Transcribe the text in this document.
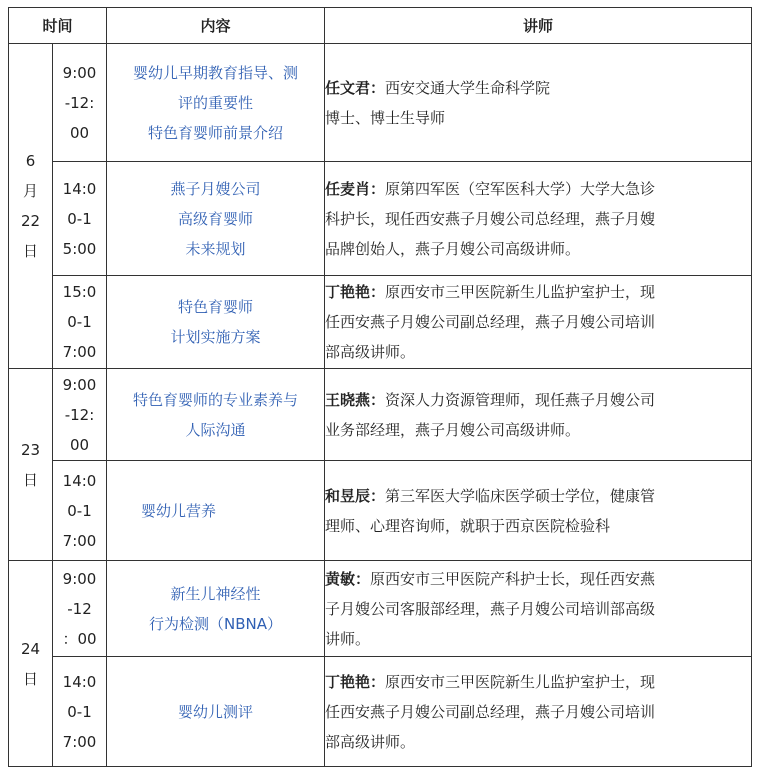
时间		内容	讲师

6
月
22
日	9:00
-12:
00	婴幼儿早期教育指导、测
评的重要性
特色育婴师前景介绍	任文君：西安交通大学生命科学院
博士、博士生导师

	14:0
0-1
5:00	燕子月嫂公司
高级育婴师
未来规划	任麦肖：原第四军医（空军医科大学）大学大急诊
科护长，现任西安燕子月嫂公司总经理，燕子月嫂
品牌创始人，燕子月嫂公司高级讲师。

	15:0
0-1
7:00	特色育婴师
计划实施方案	丁艳艳：原西安市三甲医院新生儿监护室护士，现
任西安燕子月嫂公司副总经理，燕子月嫂公司培训
部高级讲师。

23
日	9:00
-12:
00	特色育婴师的专业素养与
人际沟通	王晓燕：资深人力资源管理师，现任燕子月嫂公司
业务部经理，燕子月嫂公司高级讲师。

	14:0
0-1
7:00	婴幼儿营养	和昱辰：第三军医大学临床医学硕士学位，健康管
理师、心理咨询师，就职于西京医院检验科

24
日	9:00
-12
：00	新生儿神经性
行为检测（NBNA）	黄敏：原西安市三甲医院产科护士长，现任西安燕
子月嫂公司客服部经理，燕子月嫂公司培训部高级
讲师。

	14:0
0-1
7:00	婴幼儿测评	丁艳艳：原西安市三甲医院新生儿监护室护士，现
任西安燕子月嫂公司副总经理，燕子月嫂公司培训
部高级讲师。
